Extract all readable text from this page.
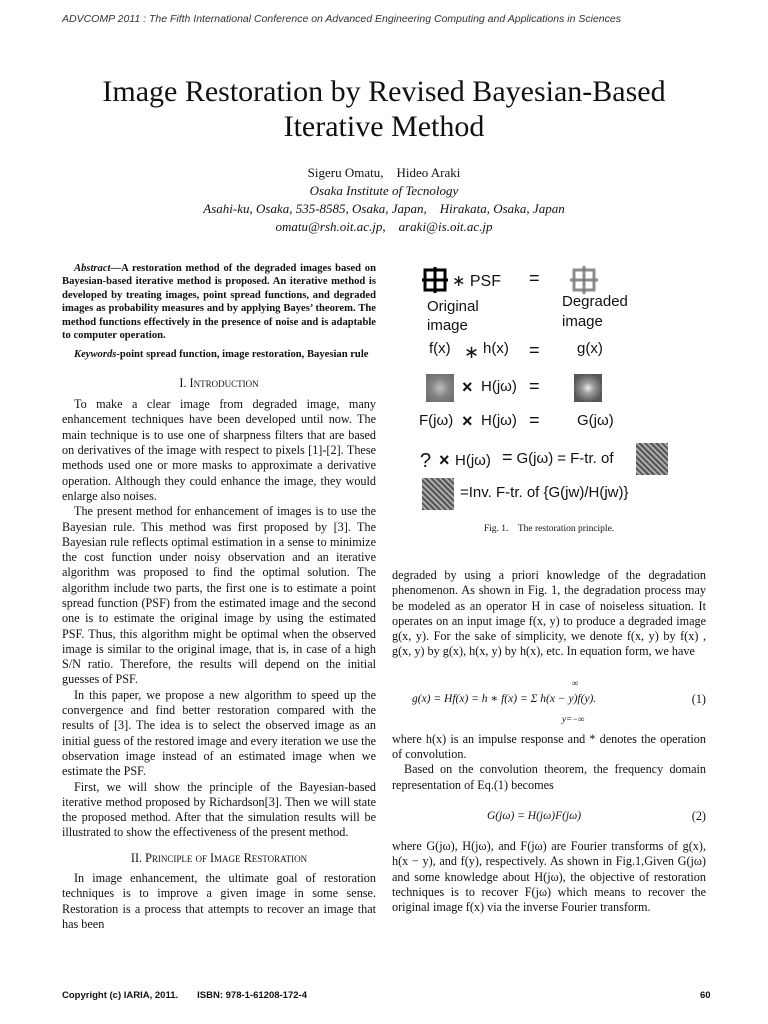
ADVCOMP 2011 : The Fifth International Conference on Advanced Engineering Computing and Applications in Sciences
Image Restoration by Revised Bayesian-Based
Iterative Method
Sigeru Omatu, Hideo Araki
Osaka Institute of Tecnology
Asahi-ku, Osaka, 535-8585, Osaka, Japan, Hirakata, Osaka, Japan
omatu@rsh.oit.ac.jp, araki@is.oit.ac.jp

Abstract—A restoration method of the degraded images based on Bayesian-based iterative method is proposed. An iterative method is developed by treating images, point spread functions, and degraded images as probability measures and by applying Bayes’ theorem. The method functions effectively in the presence of noise and is adaptable to computer operation.

Keywords-point spread function, image restoration, Bayesian rule

I. Introduction

To make a clear image from degraded image, many enhancement techniques have been developed until now. The main technique is to use one of sharpness filters that are based on derivatives of the image with respect to pixels [1]-[2]. These methods used one or more masks to approximate a derivative operation. Although they could enhance the image, they would enlarge also noises.

The present method for enhancement of images is to use the Bayesian rule. This method was first proposed by [3]. The Bayesian rule reflects optimal estimation in a sense to minimize the cost function under noisy observation and an iterative algorithm was proposed to find the optimal solution. The algorithm include two parts, the first one is to estimate a point spread function (PSF) from the estimated image and the second one is to estimate the original image by using the estimated PSF. Thus, this algorithm might be optimal when the observed image is similar to the original image, that is, in case of a high S/N ratio. Therefore, the results will depend on the initial guesses of PSF.

In this paper, we propose a new algorithm to speed up the convergence and find better restoration compared with the results of [3]. The idea is to select the observed image as an initial guess of the restored image and every iteration we use the observation image instead of an estimated image when we estimate the PSF.

First, we will show the principle of the Bayesian-based iterative method proposed by Richardson[3]. Then we will state the proposed method. After that the simulation results will be illustrated to show the effectiveness of the present method.

II. Principle of Image Restoration

In image enhancement, the ultimate goal of restoration techniques is to improve a given image in some sense. Restoration is a process that attempts to recover an image that has been

∗ PSF =
Original
image
Degraded
image
f(x) ∗ h(x) = g(x)
× H(jω) =
F(jω) × H(jω) = G(jω)
? × H(jω) = G(jω) = F-tr. of
=Inv. F-tr. of {G(jw)/H(jw)}
Fig. 1. The restoration principle.

degraded by using a priori knowledge of the degradation phenomenon. As shown in Fig. 1, the degradation process may be modeled as an operator H in case of noiseless situation. It operates on an input image f(x, y) to produce a degraded image g(x, y). For the sake of simplicity, we denote f(x, y) by f(x) , g(x, y) by g(x), h(x, y) by h(x), etc. In equation form, we have

g(x) = Hf(x) = h ∗ f(x) = Σ h(x − y)f(y).
∞
y=−∞
(1)

where h(x) is an impulse response and * denotes the operation of convolution.

Based on the convolution theorem, the frequency domain representation of Eq.(1) becomes

G(jω) = H(jω)F(jω)	(2)

where G(jω), H(jω), and F(jω) are Fourier transforms of g(x), h(x − y), and f(y), respectively. As shown in Fig.1,Given G(jω) and some knowledge about H(jω), the objective of restoration techniques is to recover F(jω) which means to recover the original image f(x) via the inverse Fourier transform.

Copyright (c) IARIA, 2011.  ISBN: 978-1-61208-172-4	60
